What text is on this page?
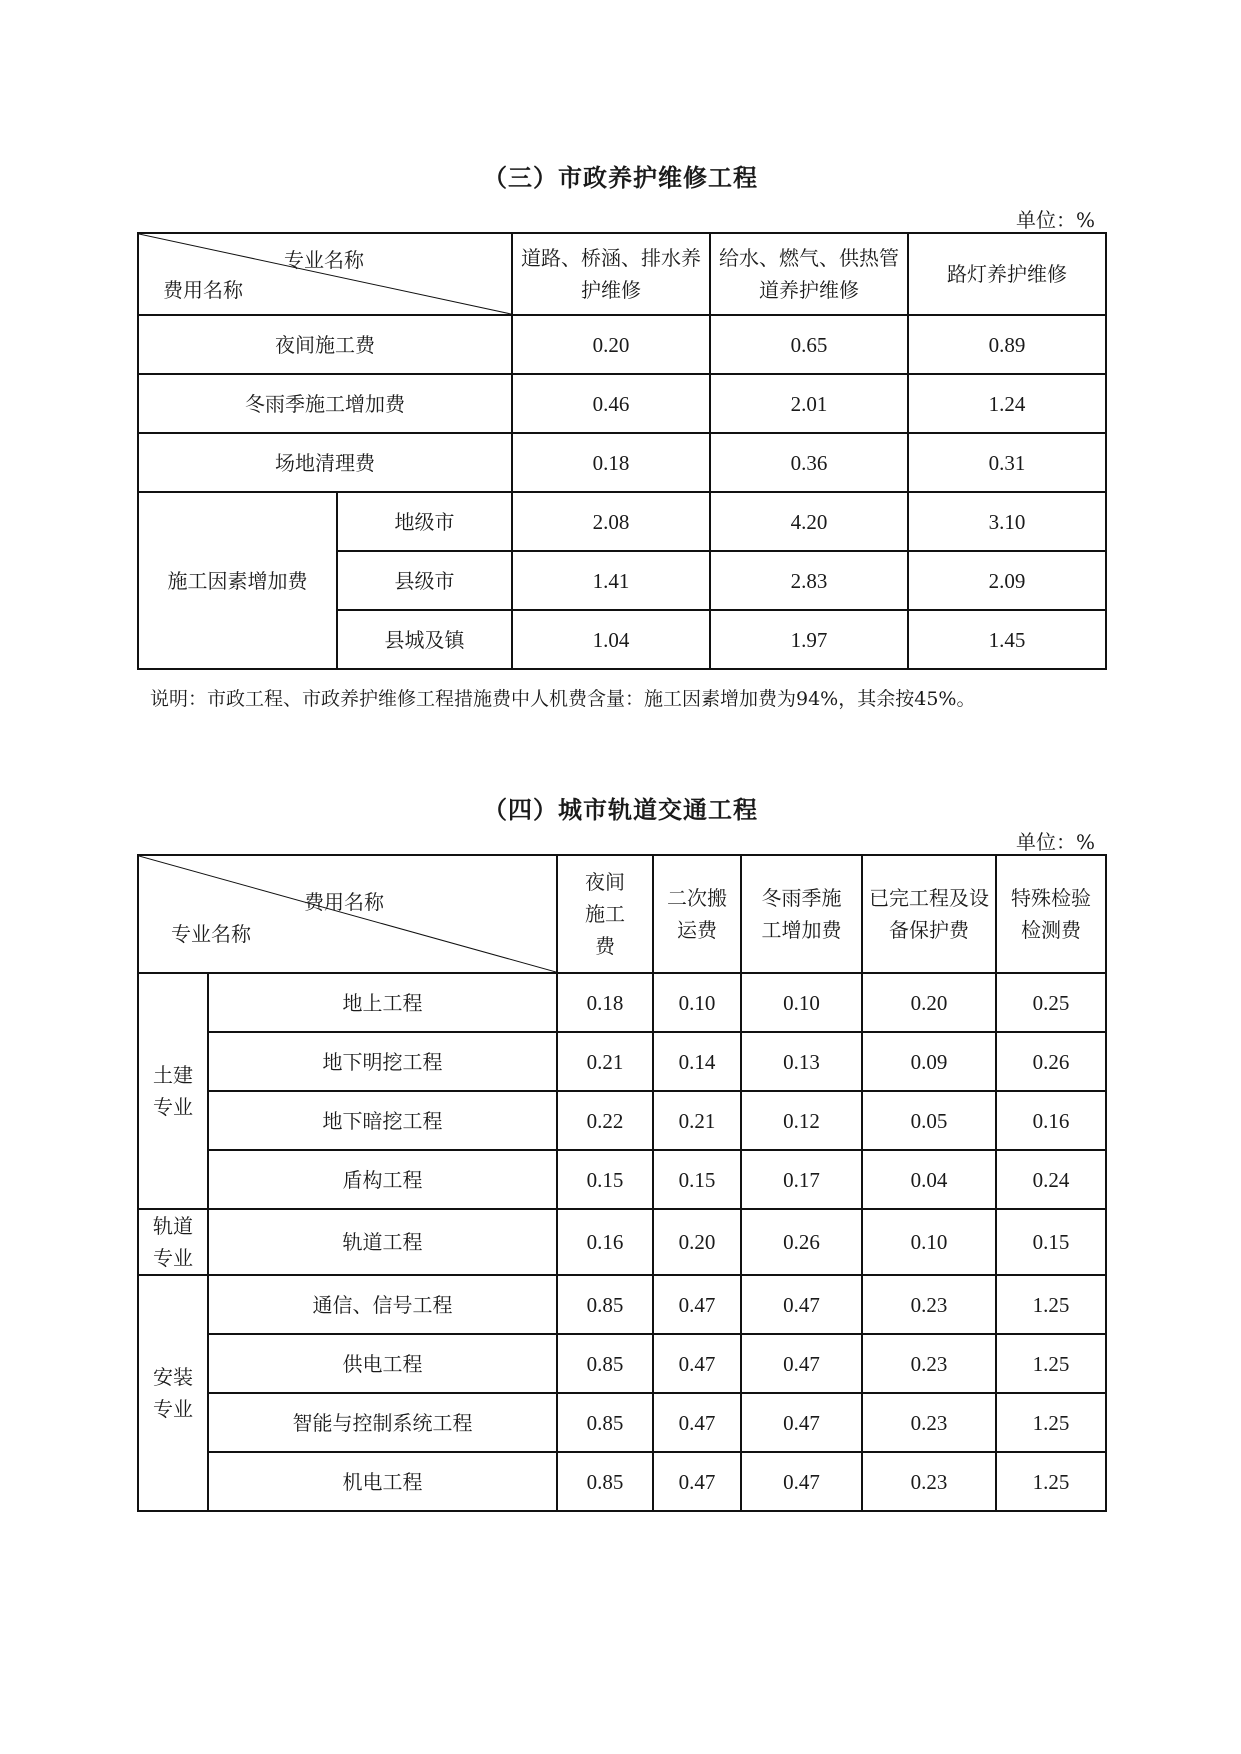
（三）市政养护维修工程
单位：%
专业名称
费用名称		道路、桥涵、排水养护维修	给水、燃气、供热管道养护维修	路灯养护维修
夜间施工费		0.20	0.65	0.89
冬雨季施工增加费		0.46	2.01	1.24
场地清理费		0.18	0.36	0.31
施工因素增加费	地级市	2.08	4.20	3.10
	县级市	1.41	2.83	2.09
	县城及镇	1.04	1.97	1.45
说明：市政工程、市政养护维修工程措施费中人机费含量：施工因素增加费为94%，其余按45%。
（四）城市轨道交通工程
单位：%
费用名称
专业名称		夜间施工费	二次搬运费	冬雨季施工增加费	已完工程及设备保护费	特殊检验检测费
土建专业	地上工程	0.18	0.10	0.10	0.20	0.25
	地下明挖工程	0.21	0.14	0.13	0.09	0.26
	地下暗挖工程	0.22	0.21	0.12	0.05	0.16
	盾构工程	0.15	0.15	0.17	0.04	0.24
轨道专业	轨道工程	0.16	0.20	0.26	0.10	0.15
安装专业	通信、信号工程	0.85	0.47	0.47	0.23	1.25
	供电工程	0.85	0.47	0.47	0.23	1.25
	智能与控制系统工程	0.85	0.47	0.47	0.23	1.25
	机电工程	0.85	0.47	0.47	0.23	1.25
